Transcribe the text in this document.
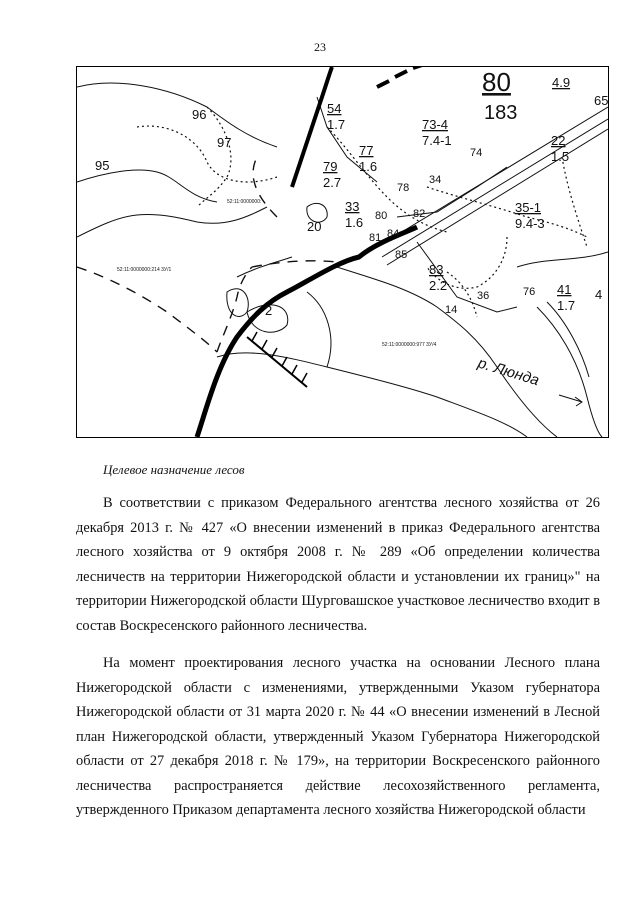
23
96
97
95
54
1.7	73-4
7.4-1
80
183
4.9
65
79
2.7
77
1.6
74
34
78
22
1.5
33
1.6 80 82
81 84
35-1
9.4-3
85
83
2.2
14
36	76 41
1.7
4
20
2
р. Люнда
52:11:0000000:
52:11:0000000:214 3У/1
52:11:0000000:977 3У/4
Целевое назначение лесов

В соответствии с приказом Федерального агентства лесного хозяйства от 26 декабря 2013 г. № 427 «О внесении изменений в приказ Федерального агентства лесного хозяйства от 9 октября 2008 г. № 289 «Об определении количества лесничеств на территории Нижегородской области и установлении их границ»" на территории Нижегородской области Шурговашское участковое лесничество входит в состав Воскресенского районного лесничества.

На момент проектирования лесного участка на основании Лесного плана Нижегородской области с изменениями, утвержденными Указом губернатора Нижегородской области от 31 марта 2020 г. № 44 «О внесении изменений в Лесной план Нижегородской области, утвержденный Указом Губернатора Нижегородской области от 27 декабря 2018 г. № 179», на территории Воскресенского районного лесничества распространяется действие лесохозяйственного регламента, утвержденного Приказом департамента лесного хозяйства Нижегородской области
